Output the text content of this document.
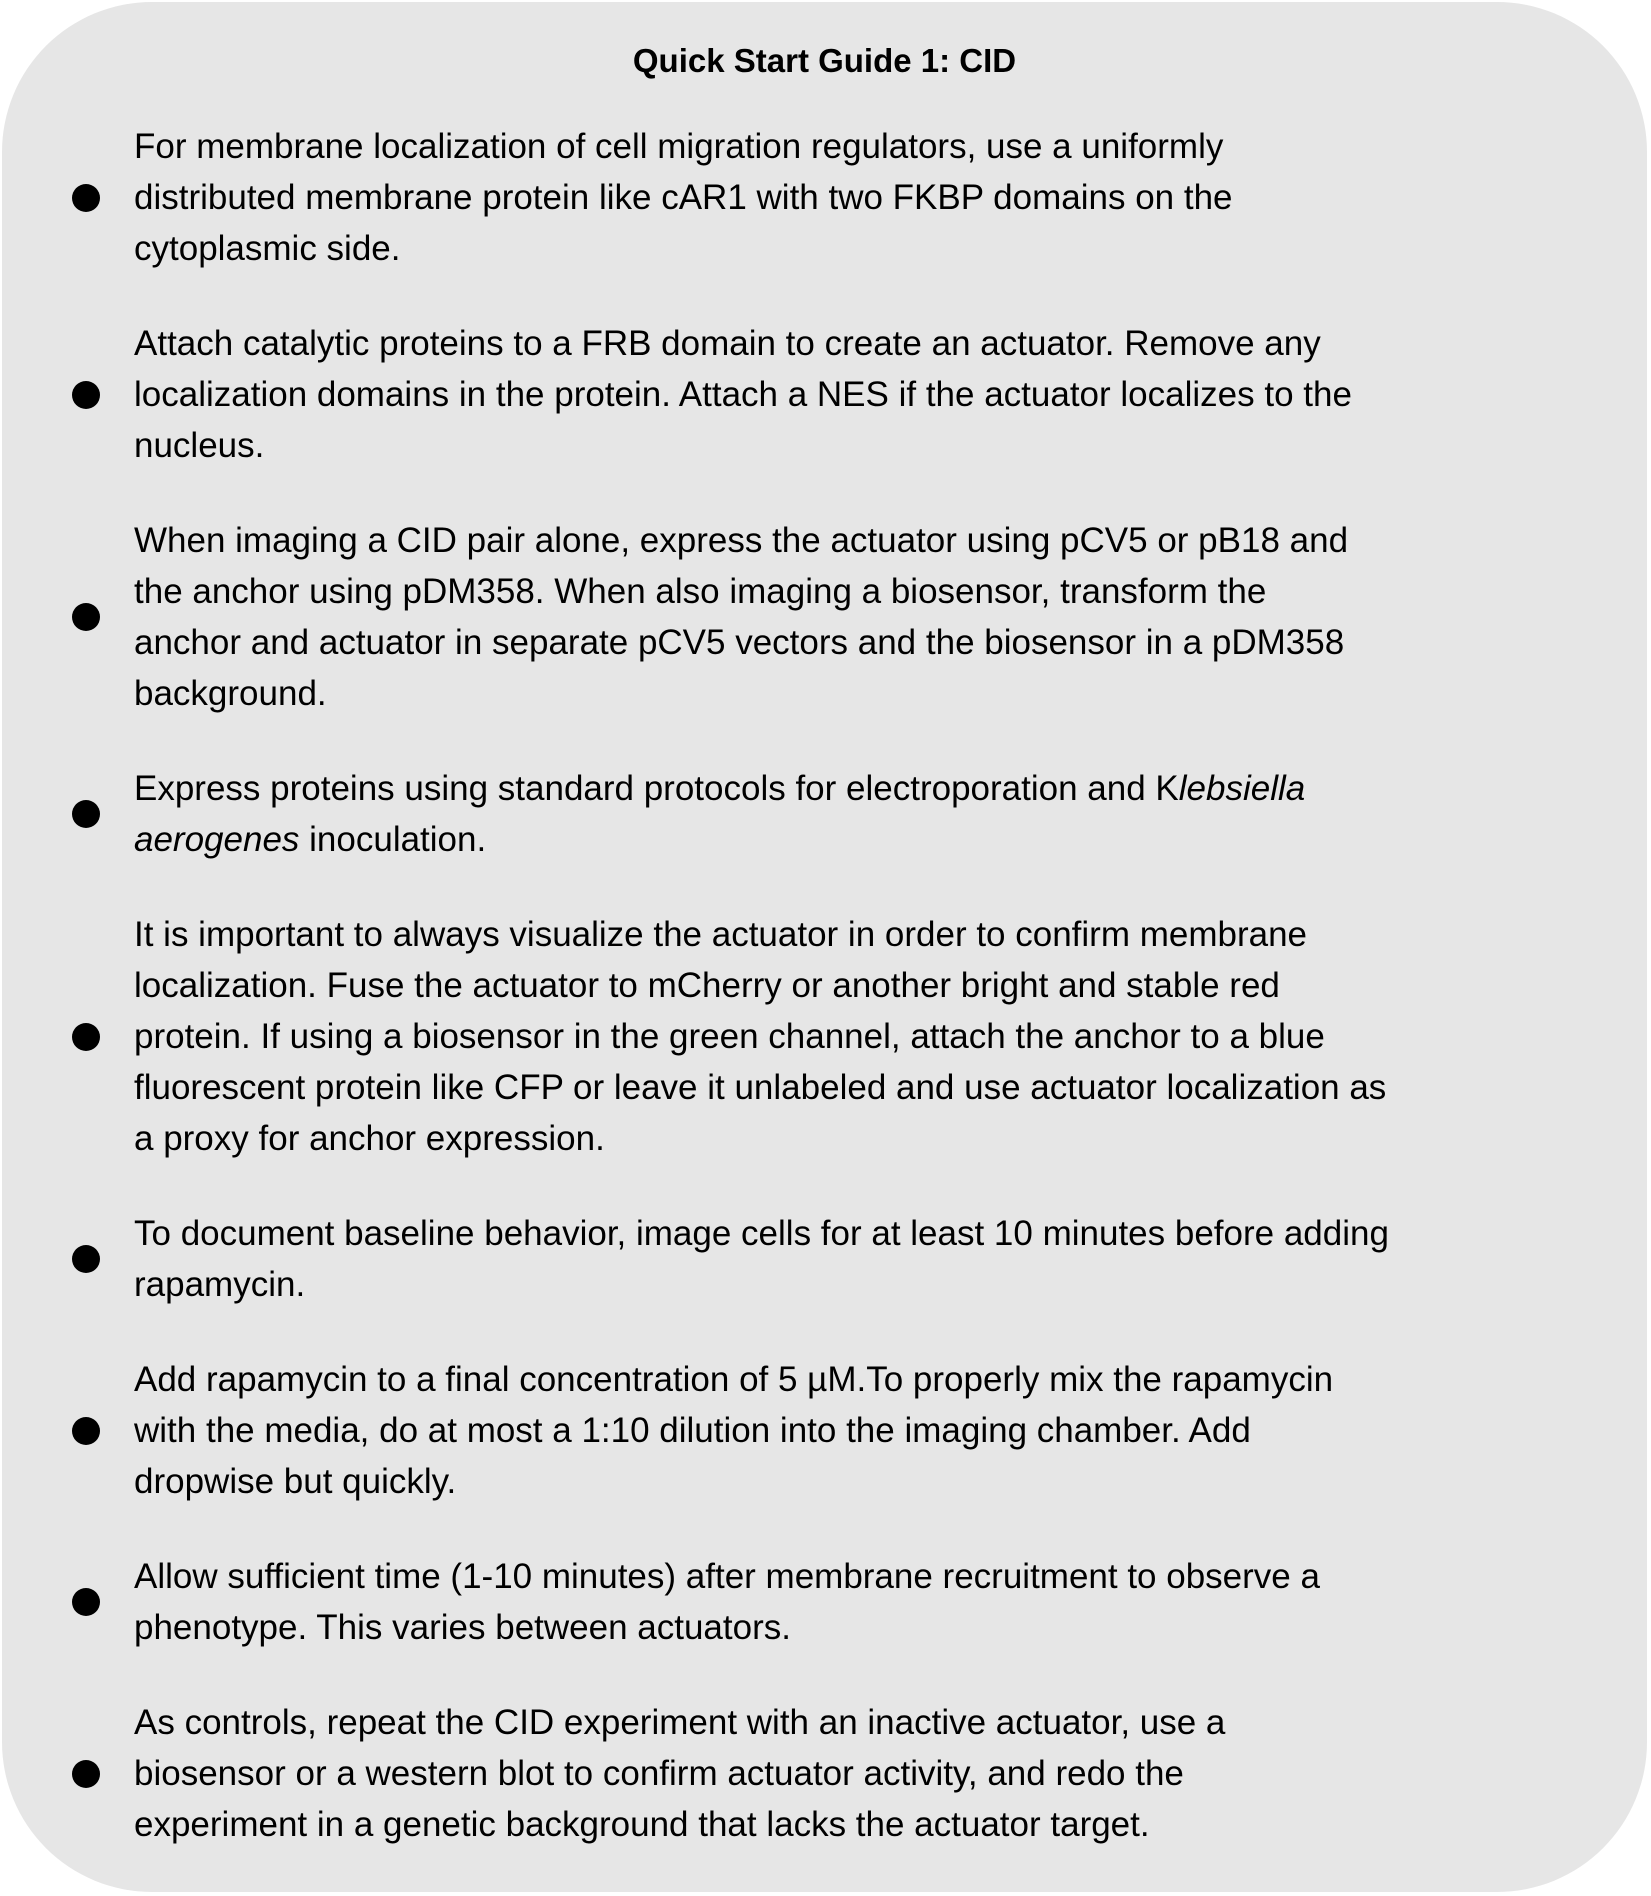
Quick Start Guide 1: CID
For membrane localization of cell migration regulators, use a uniformly
distributed membrane protein like cAR1 with two FKBP domains on the
cytoplasmic side.
Attach catalytic proteins to a FRB domain to create an actuator. Remove any
localization domains in the protein. Attach a NES if the actuator localizes to the
nucleus.
When imaging a CID pair alone, express the actuator using pCV5 or pB18 and
the anchor using pDM358. When also imaging a biosensor, transform the
anchor and actuator in separate pCV5 vectors and the biosensor in a pDM358
background.
Express proteins using standard protocols for electroporation and Klebsiella
aerogenes inoculation.
It is important to always visualize the actuator in order to confirm membrane
localization. Fuse the actuator to mCherry or another bright and stable red
protein. If using a biosensor in the green channel, attach the anchor to a blue
fluorescent protein like CFP or leave it unlabeled and use actuator localization as
a proxy for anchor expression.
To document baseline behavior, image cells for at least 10 minutes before adding
rapamycin.
Add rapamycin to a final concentration of 5 µM.To properly mix the rapamycin
with the media, do at most a 1:10 dilution into the imaging chamber. Add
dropwise but quickly.
Allow sufficient time (1-10 minutes) after membrane recruitment to observe a
phenotype. This varies between actuators.
As controls, repeat the CID experiment with an inactive actuator, use a
biosensor or a western blot to confirm actuator activity, and redo the
experiment in a genetic background that lacks the actuator target.
